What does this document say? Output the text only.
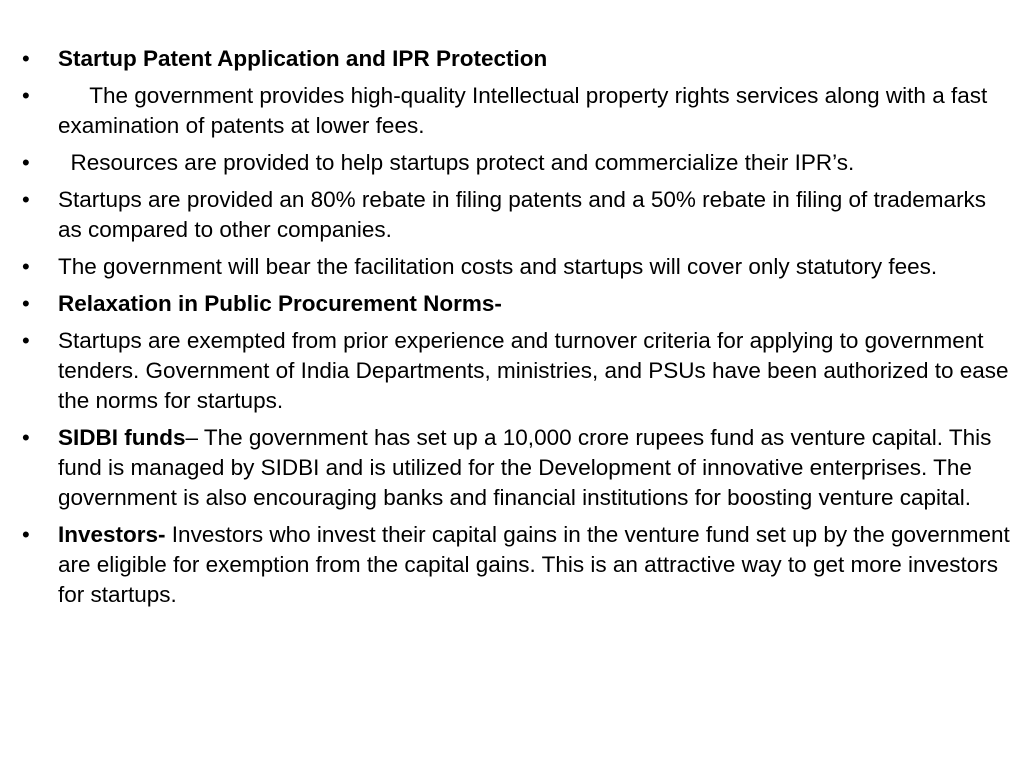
•	Startup Patent Application and IPR Protection
•	The government provides high-quality Intellectual property rights services along with a fast examination of patents at lower fees.
•	Resources are provided to help startups protect and commercialize their IPR’s.
•	Startups are provided an 80% rebate in filing patents and a 50% rebate in filing of trademarks as compared to other companies.
•	The government will bear the facilitation costs and startups will cover only statutory fees.
•	Relaxation in Public Procurement Norms-
•	Startups are exempted from prior experience and turnover criteria for applying to government tenders. Government of India Departments, ministries, and PSUs have been authorized to ease the norms for startups.
•	SIDBI funds– The government has set up a 10,000 crore rupees fund as venture capital. This fund is managed by SIDBI and is utilized for the Development of innovative enterprises. The government is also encouraging banks and financial institutions for boosting venture capital.
•	Investors- Investors who invest their capital gains in the venture fund set up by the government are eligible for exemption from the capital gains. This is an attractive way to get more investors for startups.
